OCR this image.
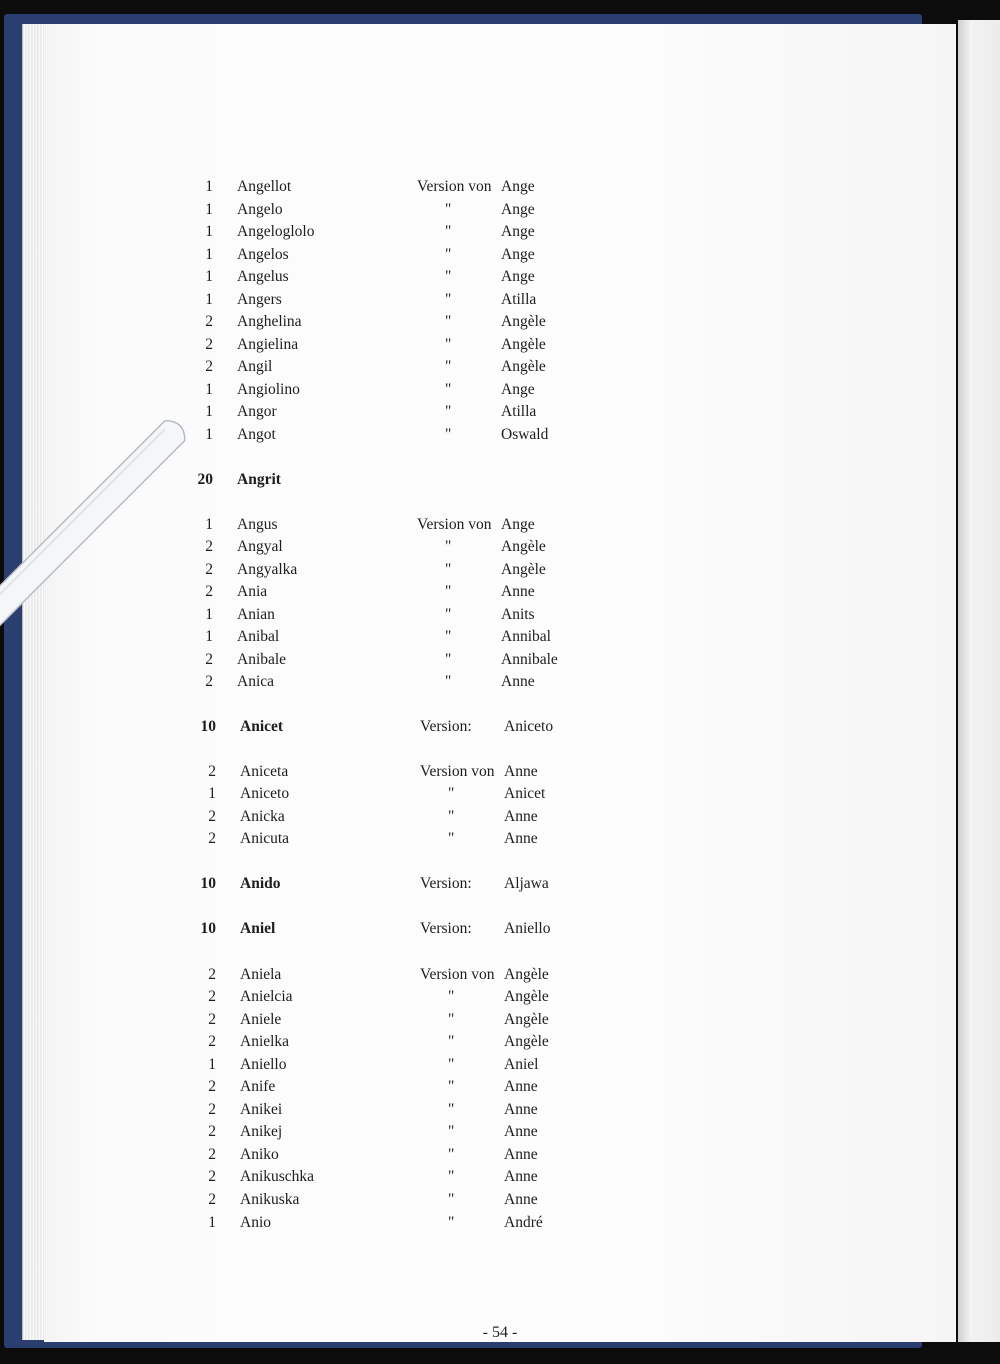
1 Angellot	Version von Ange
1 Angelo	"	Ange
1 Angeloglolo	"	Ange
1 Angelos	"	Ange
1 Angelus	"	Ange
1 Angers	"	Atilla
2 Anghelina	"	Angèle
2 Angielina	"	Angèle
2 Angil	"	Angèle
1 Angiolino	"	Ange
1 Angor	"	Atilla
1 Angot	"	Oswald
20 Angrit
1 Angus	Version von Ange
2 Angyal	"	Angèle
2 Angyalka	"	Angèle
2 Ania	"	Anne
1 Anian	"	Anits
1 Anibal	"	Annibal
2 Anibale	"	Annibale
2 Anica	"	Anne
10 Anicet	Version: Aniceto
2 Aniceta	Version von Anne
1 Aniceto	"	Anicet
2 Anicka	"	Anne
2 Anicuta	"	Anne
10 Anido	Version: Aljawa
10 Aniel	Version: Aniello
2 Aniela	Version von Angèle
2 Anielcia	"	Angèle
2 Aniele	"	Angèle
2 Anielka	"	Angèle
1 Aniello	"	Aniel
2 Anife	"	Anne
2 Anikei	"	Anne
2 Anikej	"	Anne
2 Aniko	"	Anne
2 Anikuschka	"	Anne
2 Anikuska	"	Anne
1 Anio	"	André
- 54 -
